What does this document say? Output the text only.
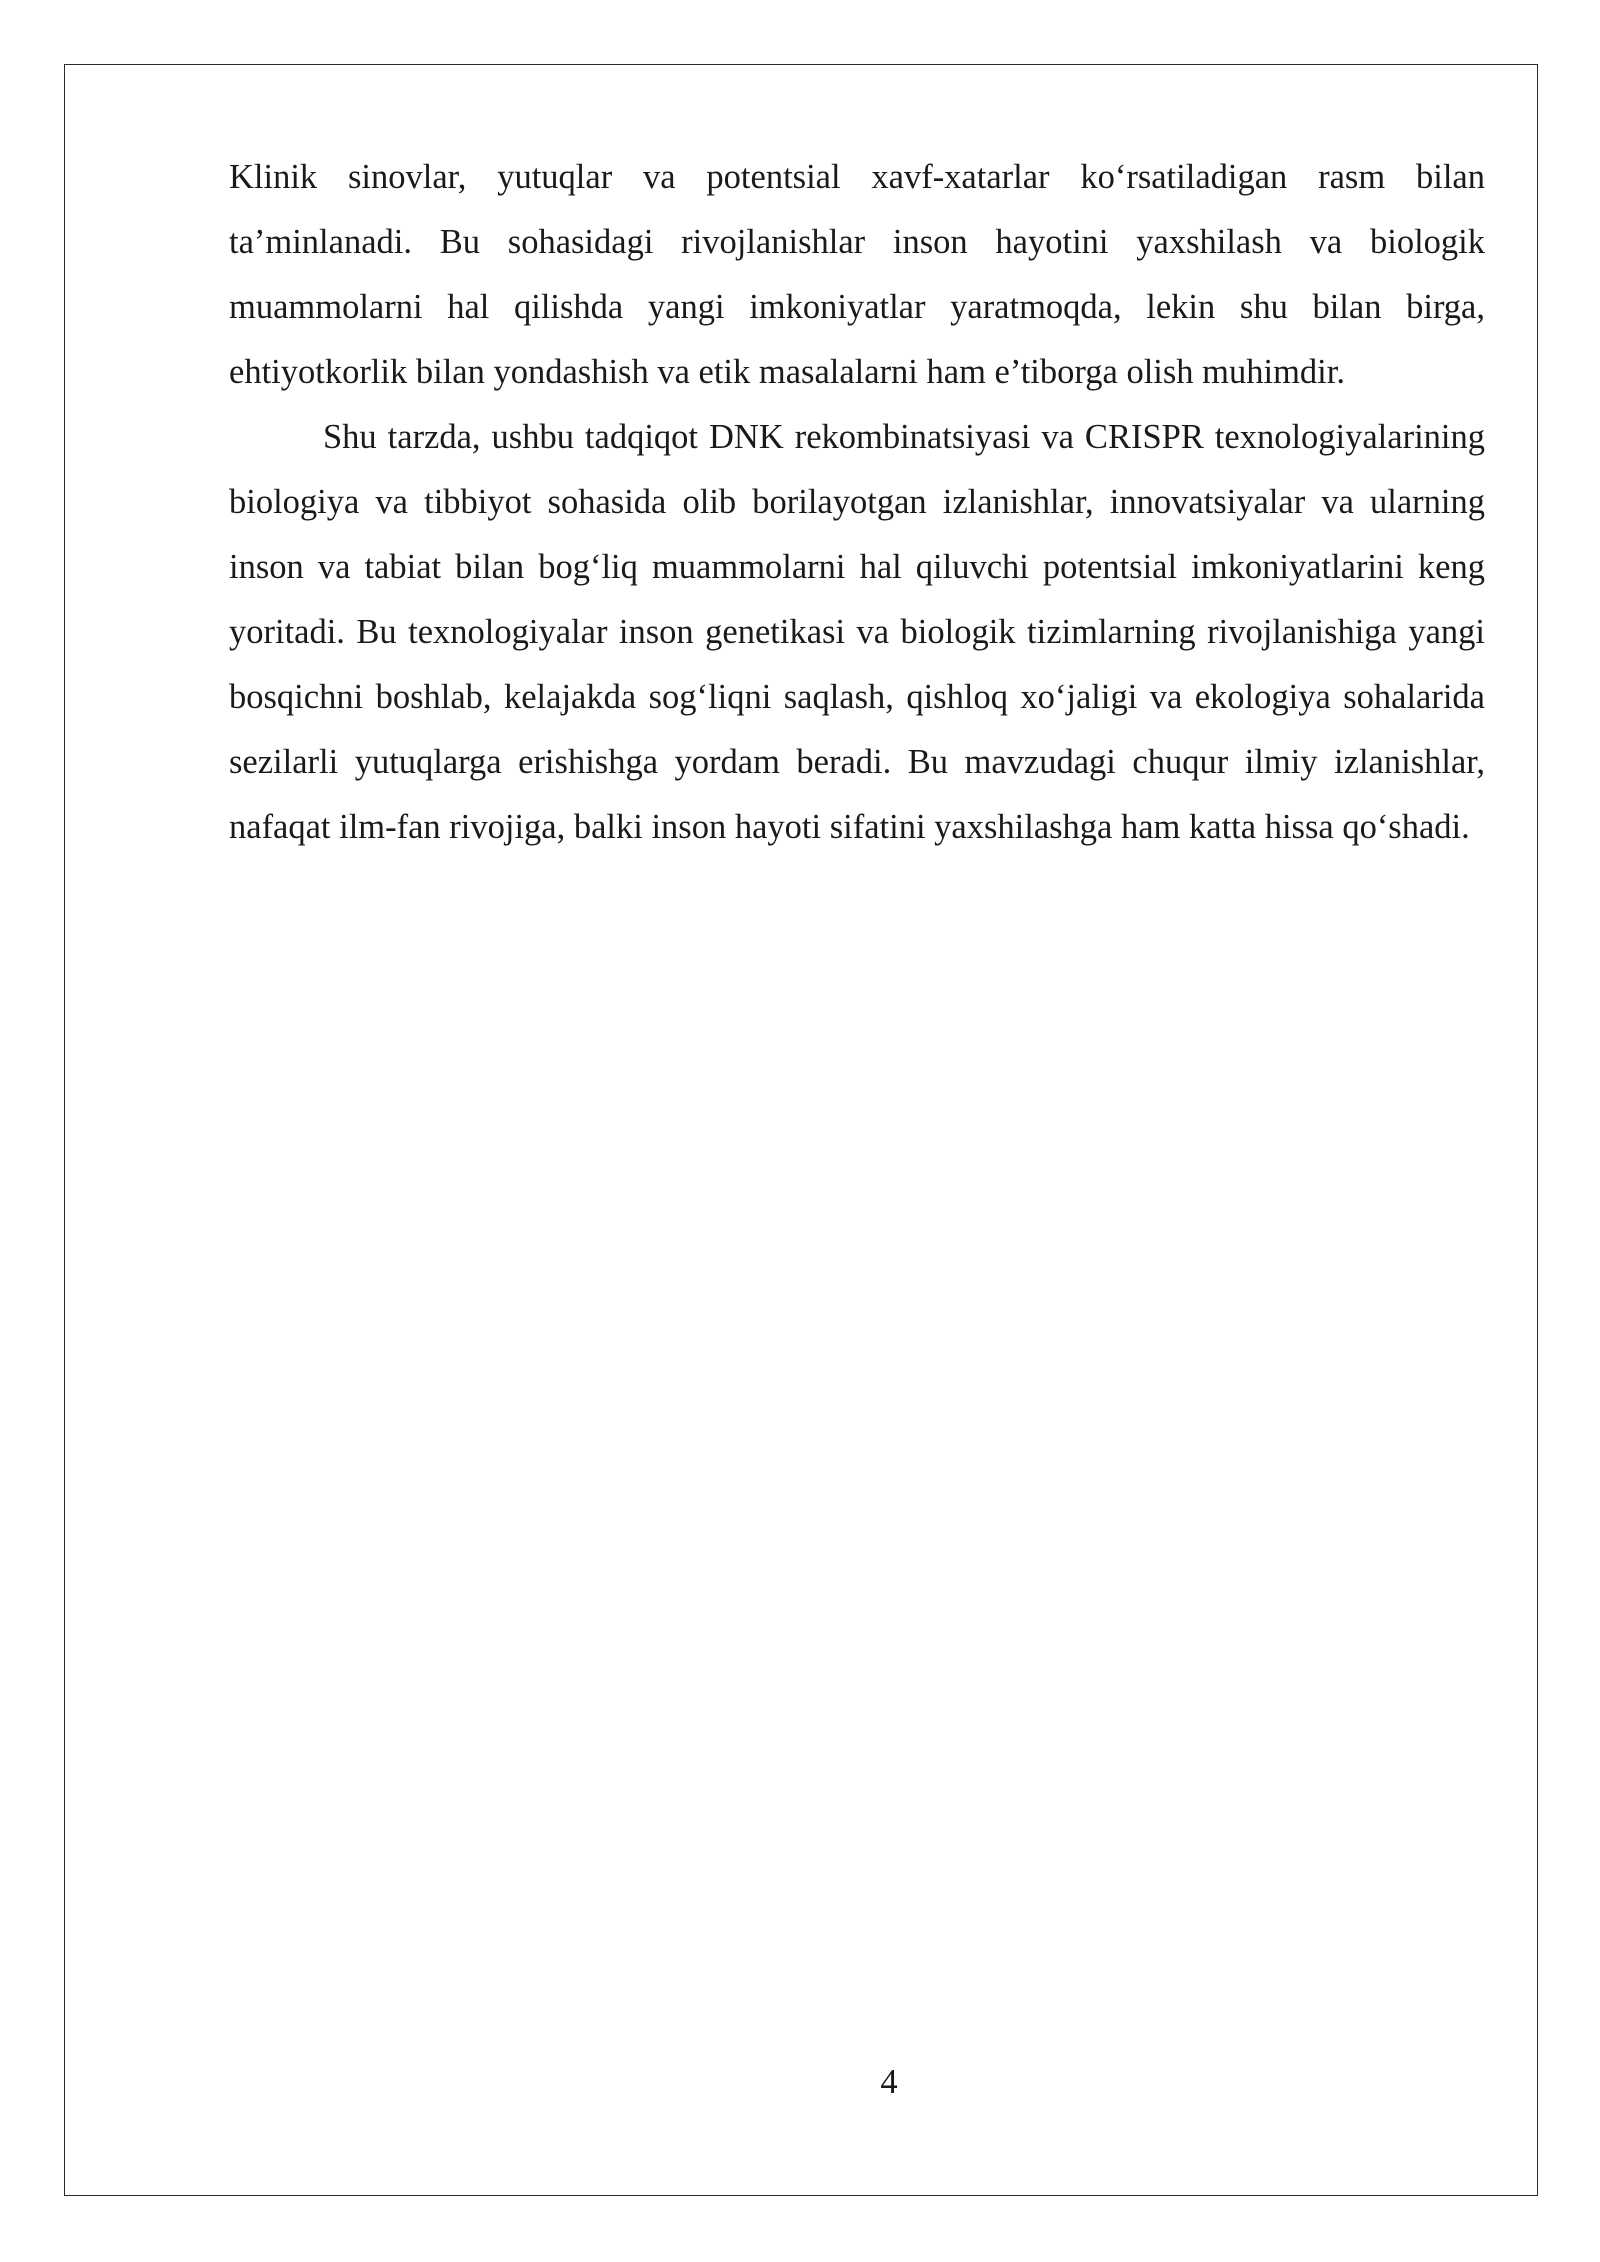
Klinik sinovlar, yutuqlar va potentsial xavf-xatarlar ko‘rsatiladigan rasm bilan ta’minlanadi. Bu sohasidagi rivojlanishlar inson hayotini yaxshilash va biologik muammolarni hal qilishda yangi imkoniyatlar yaratmoqda, lekin shu bilan birga, ehtiyotkorlik bilan yondashish va etik masalalarni ham e’tiborga olish muhimdir.

Shu tarzda, ushbu tadqiqot DNK rekombinatsiyasi va CRISPR texnologiyalarining biologiya va tibbiyot sohasida olib borilayotgan izlanishlar, innovatsiyalar va ularning inson va tabiat bilan bog‘liq muammolarni hal qiluvchi potentsial imkoniyatlarini keng yoritadi. Bu texnologiyalar inson genetikasi va biologik tizimlarning rivojlanishiga yangi bosqichni boshlab, kelajakda sog‘liqni saqlash, qishloq xo‘jaligi va ekologiya sohalarida sezilarli yutuqlarga erishishga yordam beradi. Bu mavzudagi chuqur ilmiy izlanishlar, nafaqat ilm-fan rivojiga, balki inson hayoti sifatini yaxshilashga ham katta hissa qo‘shadi.

4
